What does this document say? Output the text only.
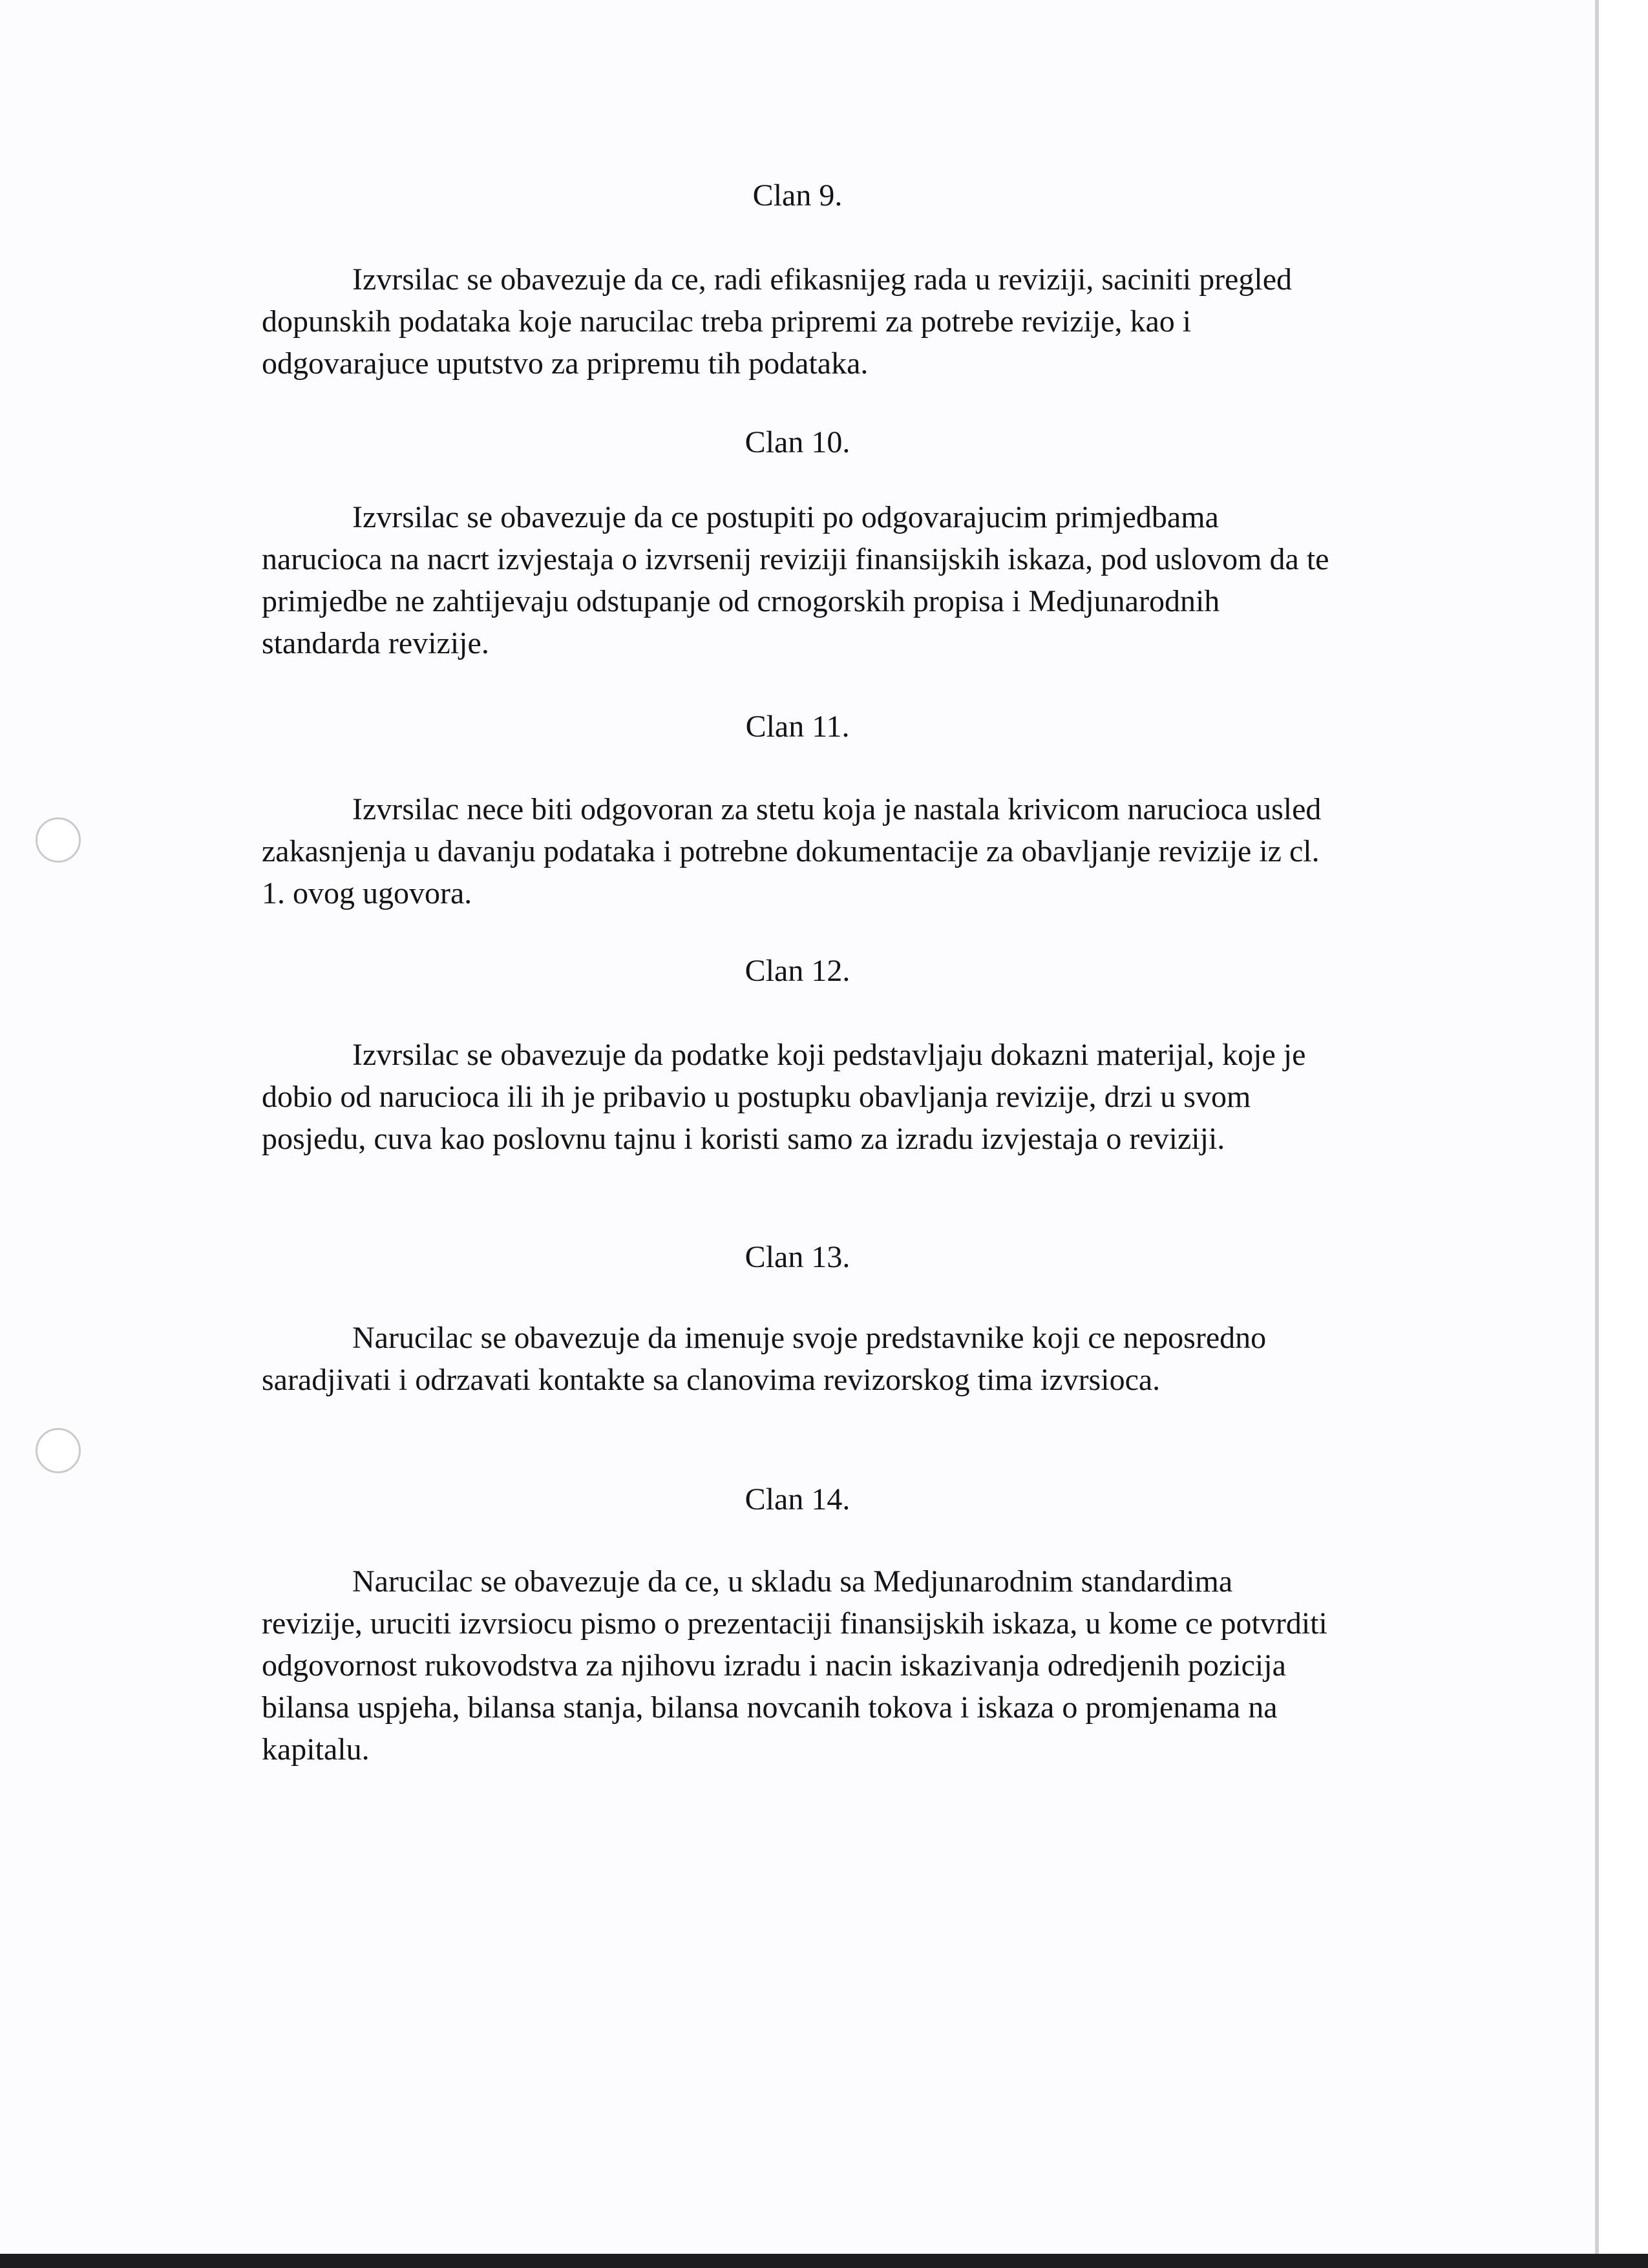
Clan 9.

Izvrsilac se obavezuje da ce, radi efikasnijeg rada u reviziji, saciniti pregled dopunskih podataka koje narucilac treba pripremi za potrebe revizije, kao i odgovarajuce uputstvo za pripremu tih podataka.

Clan 10.

Izvrsilac se obavezuje da ce postupiti po odgovarajucim primjedbama narucioca na nacrt izvjestaja o izvrsenij reviziji finansijskih iskaza, pod uslovom da te primjedbe ne zahtijevaju odstupanje od crnogorskih propisa i Medjunarodnih standarda revizije.

Clan 11.

Izvrsilac nece biti odgovoran za stetu koja je nastala krivicom narucioca usled zakasnjenja u davanju podataka i potrebne dokumentacije za obavljanje revizije iz cl. 1. ovog ugovora.

Clan 12.

Izvrsilac se obavezuje da podatke koji pedstavljaju dokazni materijal, koje je dobio od narucioca ili ih je pribavio u postupku obavljanja revizije, drzi u svom posjedu, cuva kao poslovnu tajnu i koristi samo za izradu izvjestaja o reviziji.

Clan 13.

Narucilac se obavezuje da imenuje svoje predstavnike koji ce neposredno saradjivati i odrzavati kontakte sa clanovima revizorskog tima izvrsioca.

Clan 14.

Narucilac se obavezuje da ce, u skladu sa Medjunarodnim standardima revizije, uruciti izvrsiocu pismo o prezentaciji finansijskih iskaza, u kome ce potvrditi odgovornost rukovodstva za njihovu izradu i nacin iskazivanja odredjenih pozicija bilansa uspjeha, bilansa stanja, bilansa novcanih tokova i iskaza o promjenama na kapitalu.
